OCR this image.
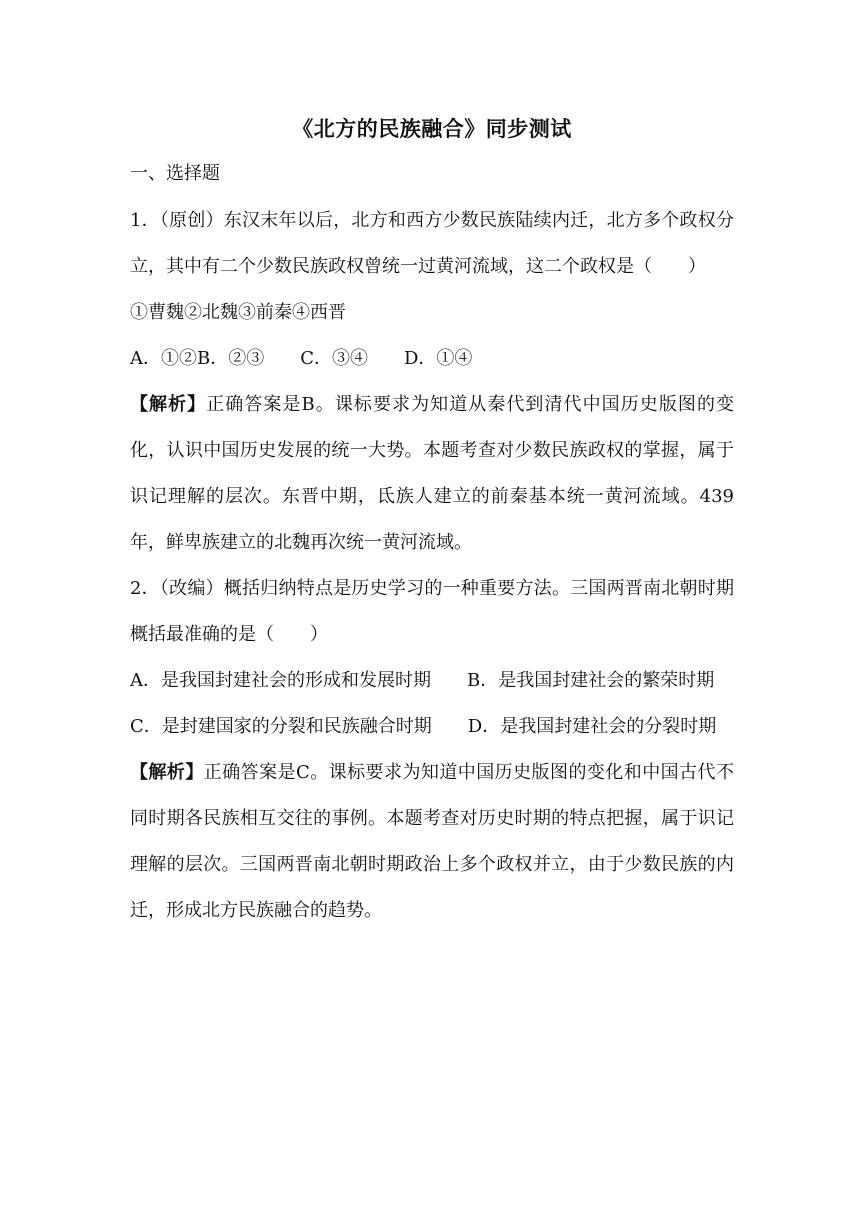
《北方的民族融合》同步测试

一、选择题

1．（原创）东汉末年以后，北方和西方少数民族陆续内迁，北方多个政权分立，其中有二个少数民族政权曾统一过黄河流域，这二个政权是（　　）

①曹魏②北魏③前秦④西晋

A．①②B．②③　　C．③④　　D．①④

【解析】正确答案是B。课标要求为知道从秦代到清代中国历史版图的变化，认识中国历史发展的统一大势。本题考查对少数民族政权的掌握，属于识记理解的层次。东晋中期，氐族人建立的前秦基本统一黄河流域。439年，鲜卑族建立的北魏再次统一黄河流域。

2．（改编）概括归纳特点是历史学习的一种重要方法。三国两晋南北朝时期概括最准确的是（　　）

A．是我国封建社会的形成和发展时期　　B．是我国封建社会的繁荣时期

C．是封建国家的分裂和民族融合时期　　D．是我国封建社会的分裂时期

【解析】正确答案是C。课标要求为知道中国历史版图的变化和中国古代不同时期各民族相互交往的事例。本题考查对历史时期的特点把握，属于识记理解的层次。三国两晋南北朝时期政治上多个政权并立，由于少数民族的内迁，形成北方民族融合的趋势。
